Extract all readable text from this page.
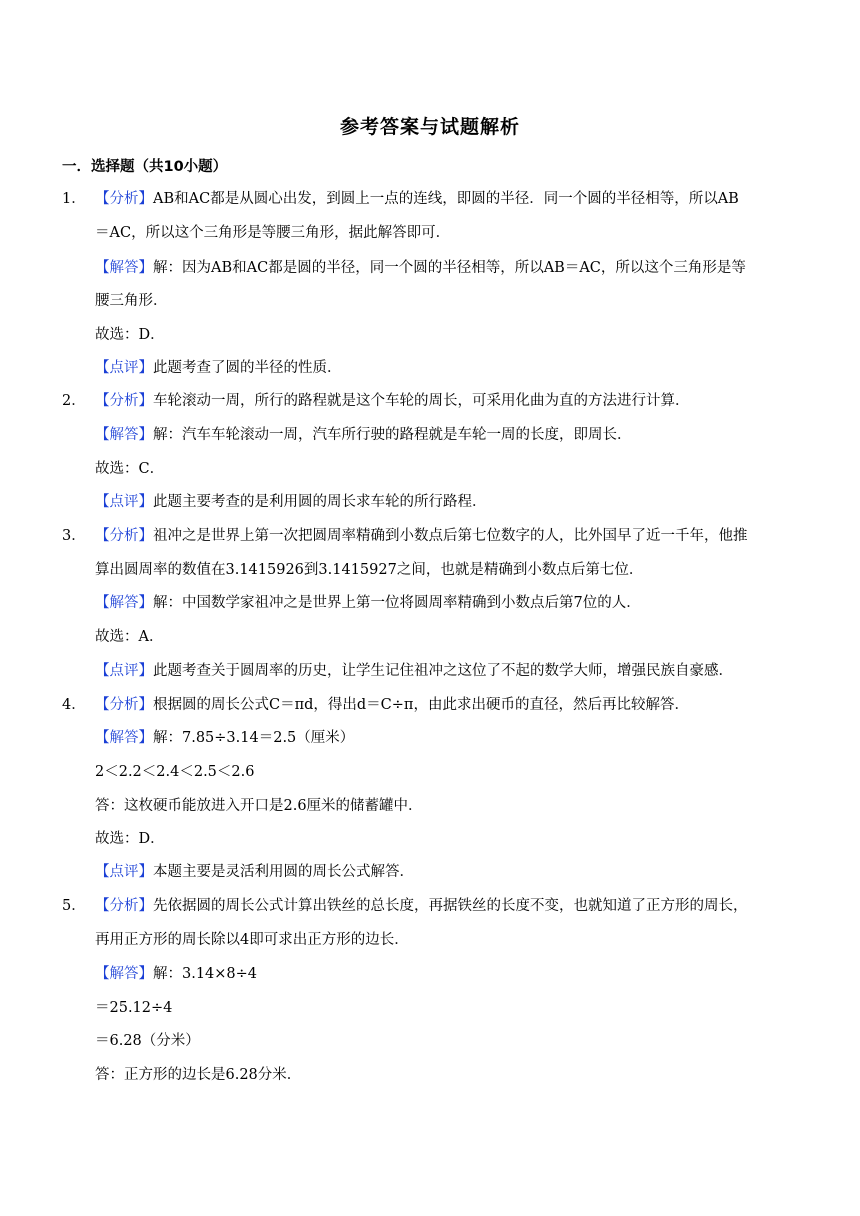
参考答案与试题解析
一．选择题（共10小题）
1． 【分析】AB和AC都是从圆心出发，到圆上一点的连线，即圆的半径．同一个圆的半径相等，所以AB
＝AC，所以这个三角形是等腰三角形，据此解答即可．
【解答】解：因为AB和AC都是圆的半径，同一个圆的半径相等，所以AB＝AC，所以这个三角形是等
腰三角形．
故选：D．
【点评】此题考查了圆的半径的性质．
2． 【分析】车轮滚动一周，所行的路程就是这个车轮的周长，可采用化曲为直的方法进行计算．
【解答】解：汽车车轮滚动一周，汽车所行驶的路程就是车轮一周的长度，即周长．
故选：C．
【点评】此题主要考查的是利用圆的周长求车轮的所行路程．
3． 【分析】祖冲之是世界上第一次把圆周率精确到小数点后第七位数字的人，比外国早了近一千年，他推
算出圆周率的数值在3.1415926到3.1415927之间，也就是精确到小数点后第七位．
【解答】解：中国数学家祖冲之是世界上第一位将圆周率精确到小数点后第7位的人．
故选：A．
【点评】此题考查关于圆周率的历史，让学生记住祖冲之这位了不起的数学大师，增强民族自豪感．
4． 【分析】根据圆的周长公式C＝πd，得出d＝C÷π，由此求出硬币的直径，然后再比较解答．
【解答】解：7.85÷3.14＝2.5（厘米）
2＜2.2＜2.4＜2.5＜2.6
答：这枚硬币能放进入开口是2.6厘米的储蓄罐中．
故选：D．
【点评】本题主要是灵活利用圆的周长公式解答．
5． 【分析】先依据圆的周长公式计算出铁丝的总长度，再据铁丝的长度不变，也就知道了正方形的周长，
再用正方形的周长除以4即可求出正方形的边长．
【解答】解：3.14×8÷4
＝25.12÷4
＝6.28（分米）
答：正方形的边长是6.28分米．
